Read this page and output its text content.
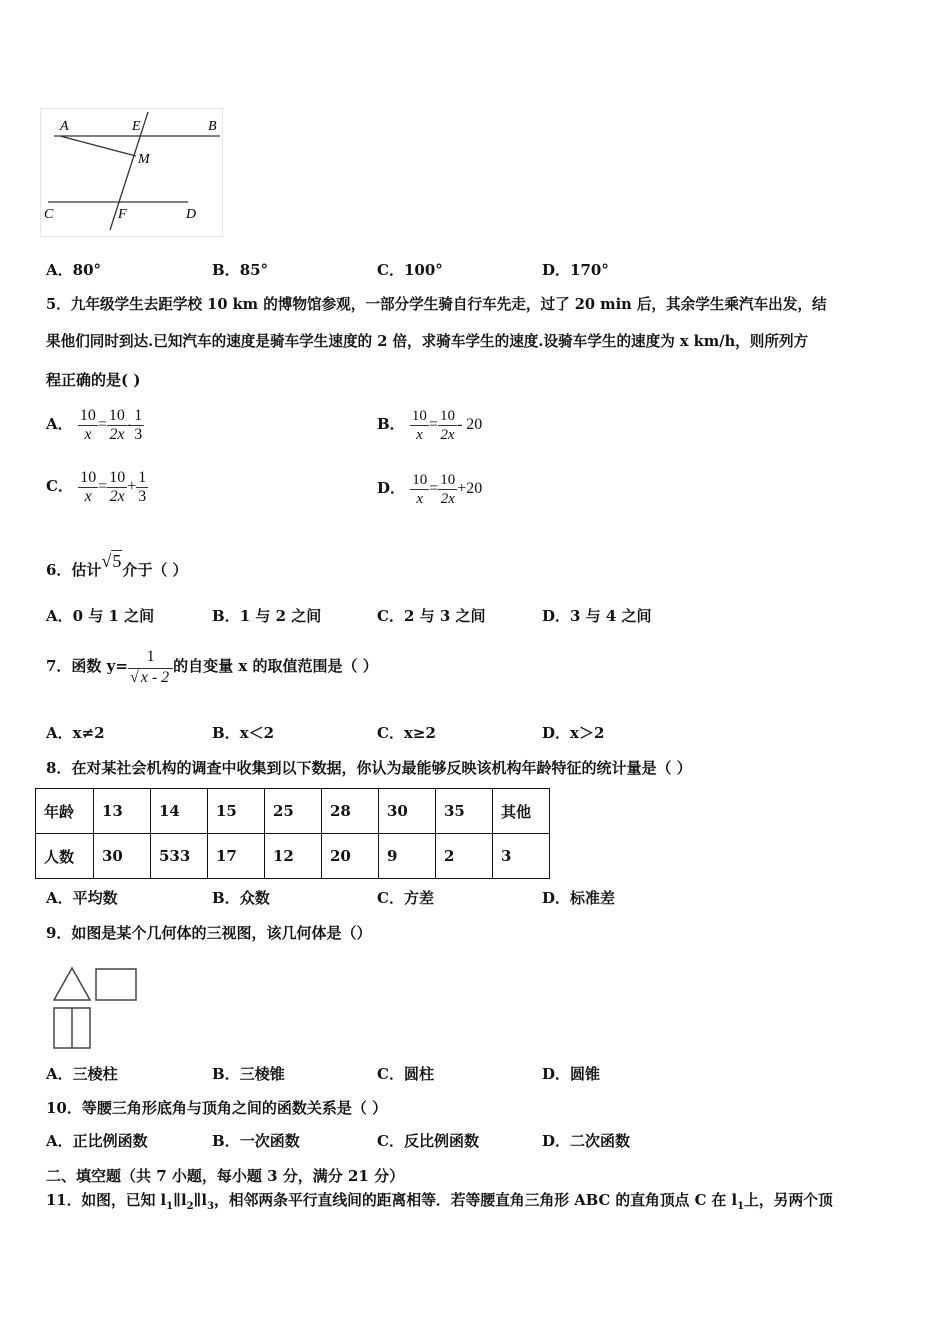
A	E	B
M
C	F	D
A．80°	B．85°	C．100°	D．170°
5．九年级学生去距学校 10 km 的博物馆参观，一部分学生骑自行车先走，过了 20 min 后，其余学生乘汽车出发，结
果他们同时到达.已知汽车的速度是骑车学生速度的 2 倍，求骑车学生的速度.设骑车学生的速度为 x km/h，则所列方
程正确的是( )
A． $\frac{10}{x} = \frac{10}{2x} - \frac{1}{3}$	B． $\frac{10}{x} = \frac{10}{2x} - 20$
C． $\frac{10}{x} = \frac{10}{2x} + \frac{1}{3}$	D． $\frac{10}{x} = \frac{10}{2x} +20$
6．估计√5介于（ ）
A．0 与 1 之间	B．1 与 2 之间	C．2 与 3 之间	D．3 与 4 之间
7．函数 $y= \frac{1}{√ x - 2}$ 的自变量 x 的取值范围是（ ）
A．x≠2	B．x＜2	C．x≥2	D．x＞2
8．在对某社会机构的调查中收集到以下数据，你认为最能够反映该机构年龄特征的统计量是（ ）
年龄	13	14	15	25	28	30	35	其他
人数	30	533	17	12	20	9	2	3
A．平均数	B．众数	C．方差	D．标准差
9．如图是某个几何体的三视图，该几何体是（）
A．三棱柱	B．三棱锥	C．圆柱	D．圆锥
10．等腰三角形底角与顶角之间的函数关系是（ ）
A．正比例函数	B．一次函数	C．反比例函数	D．二次函数
二、填空题（共 7 小题，每小题 3 分，满分 21 分）
11．如图，已知 $l_1\parallel l_2\parallel l_3$，相邻两条平行直线间的距离相等．若等腰直角三角形 ABC 的直角顶点 C 在 $l_1$上，另两个顶
